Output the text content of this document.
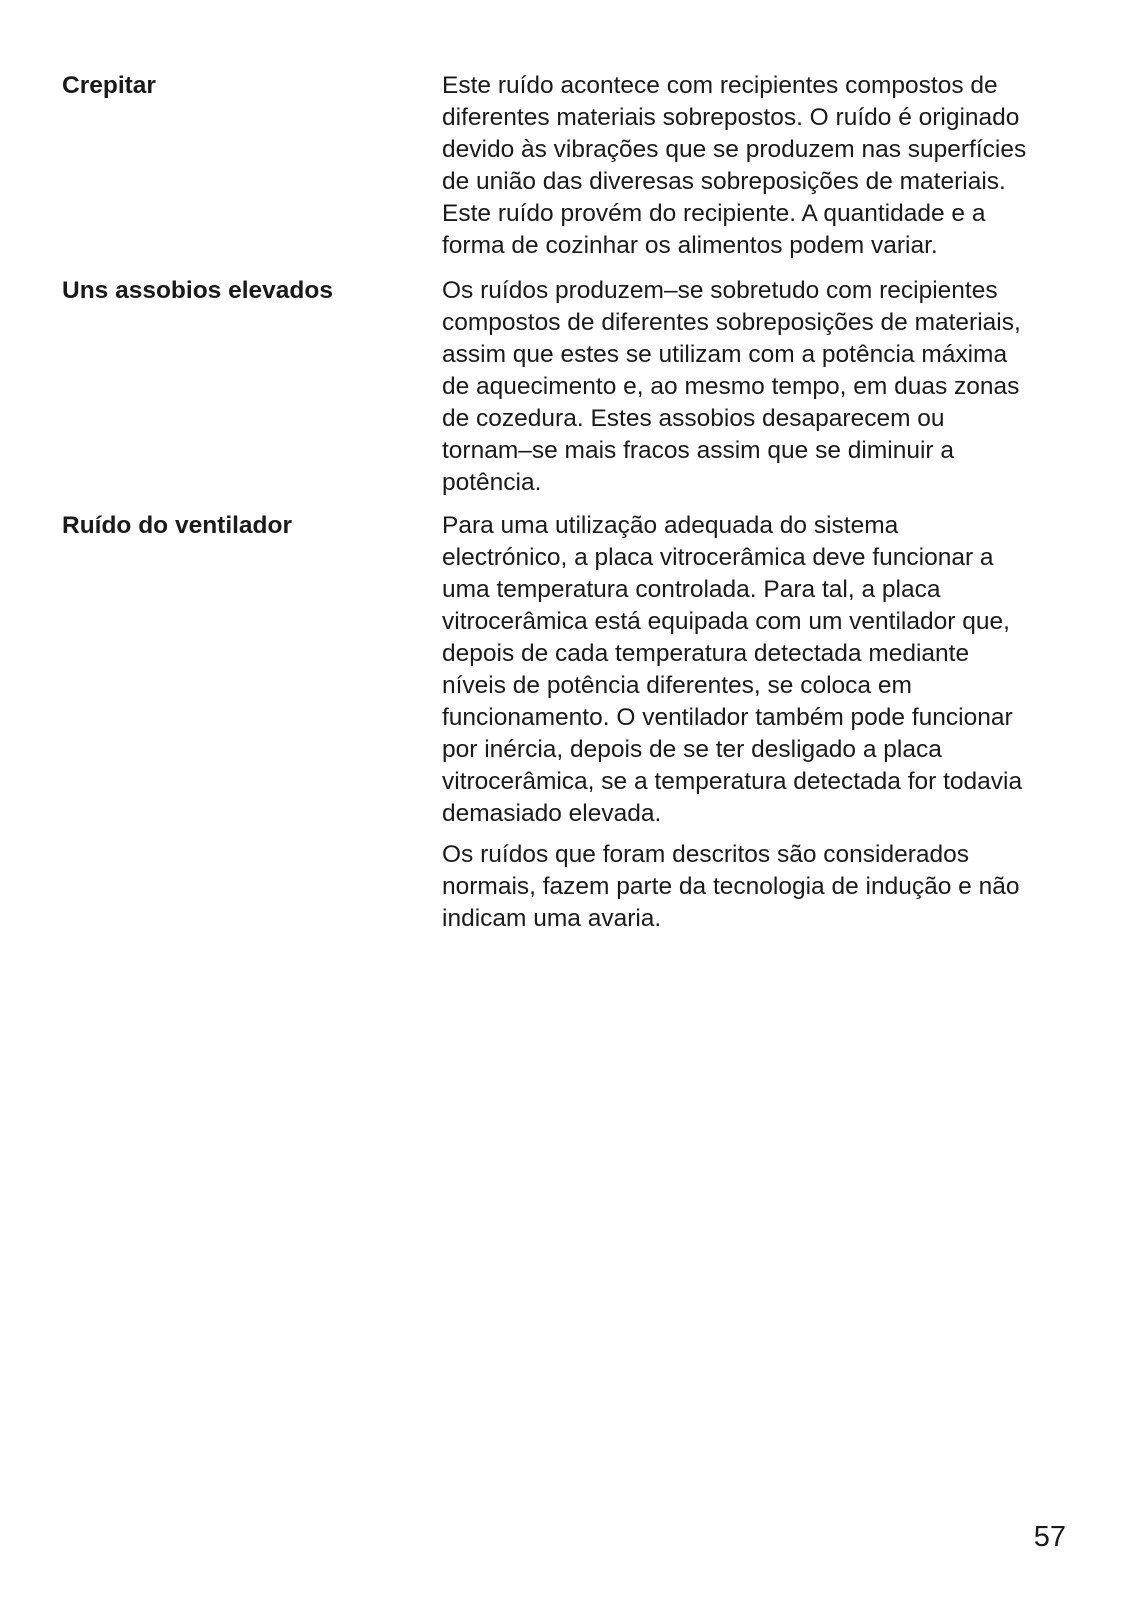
Crepitar	Este ruído acontece com recipientes compostos de
diferentes materiais sobrepostos. O ruído é originado
devido às vibrações que se produzem nas superfícies
de união das diveresas sobreposições de materiais.
Este ruído provém do recipiente. A quantidade e a
forma de cozinhar os alimentos podem variar.
Uns assobios elevados	Os ruídos produzem–se sobretudo com recipientes
compostos de diferentes sobreposições de materiais,
assim que estes se utilizam com a potência máxima
de aquecimento e, ao mesmo tempo, em duas zonas
de cozedura. Estes assobios desaparecem ou
tornam–se mais fracos assim que se diminuir a
potência.
Ruído do ventilador	Para uma utilização adequada do sistema
electrónico, a placa vitrocerâmica deve funcionar a
uma temperatura controlada. Para tal, a placa
vitrocerâmica está equipada com um ventilador que,
depois de cada temperatura detectada mediante
níveis de potência diferentes, se coloca em
funcionamento. O ventilador também pode funcionar
por inércia, depois de se ter desligado a placa
vitrocerâmica, se a temperatura detectada for todavia
demasiado elevada.
Os ruídos que foram descritos são considerados
normais, fazem parte da tecnologia de indução e não
indicam uma avaria.
57
